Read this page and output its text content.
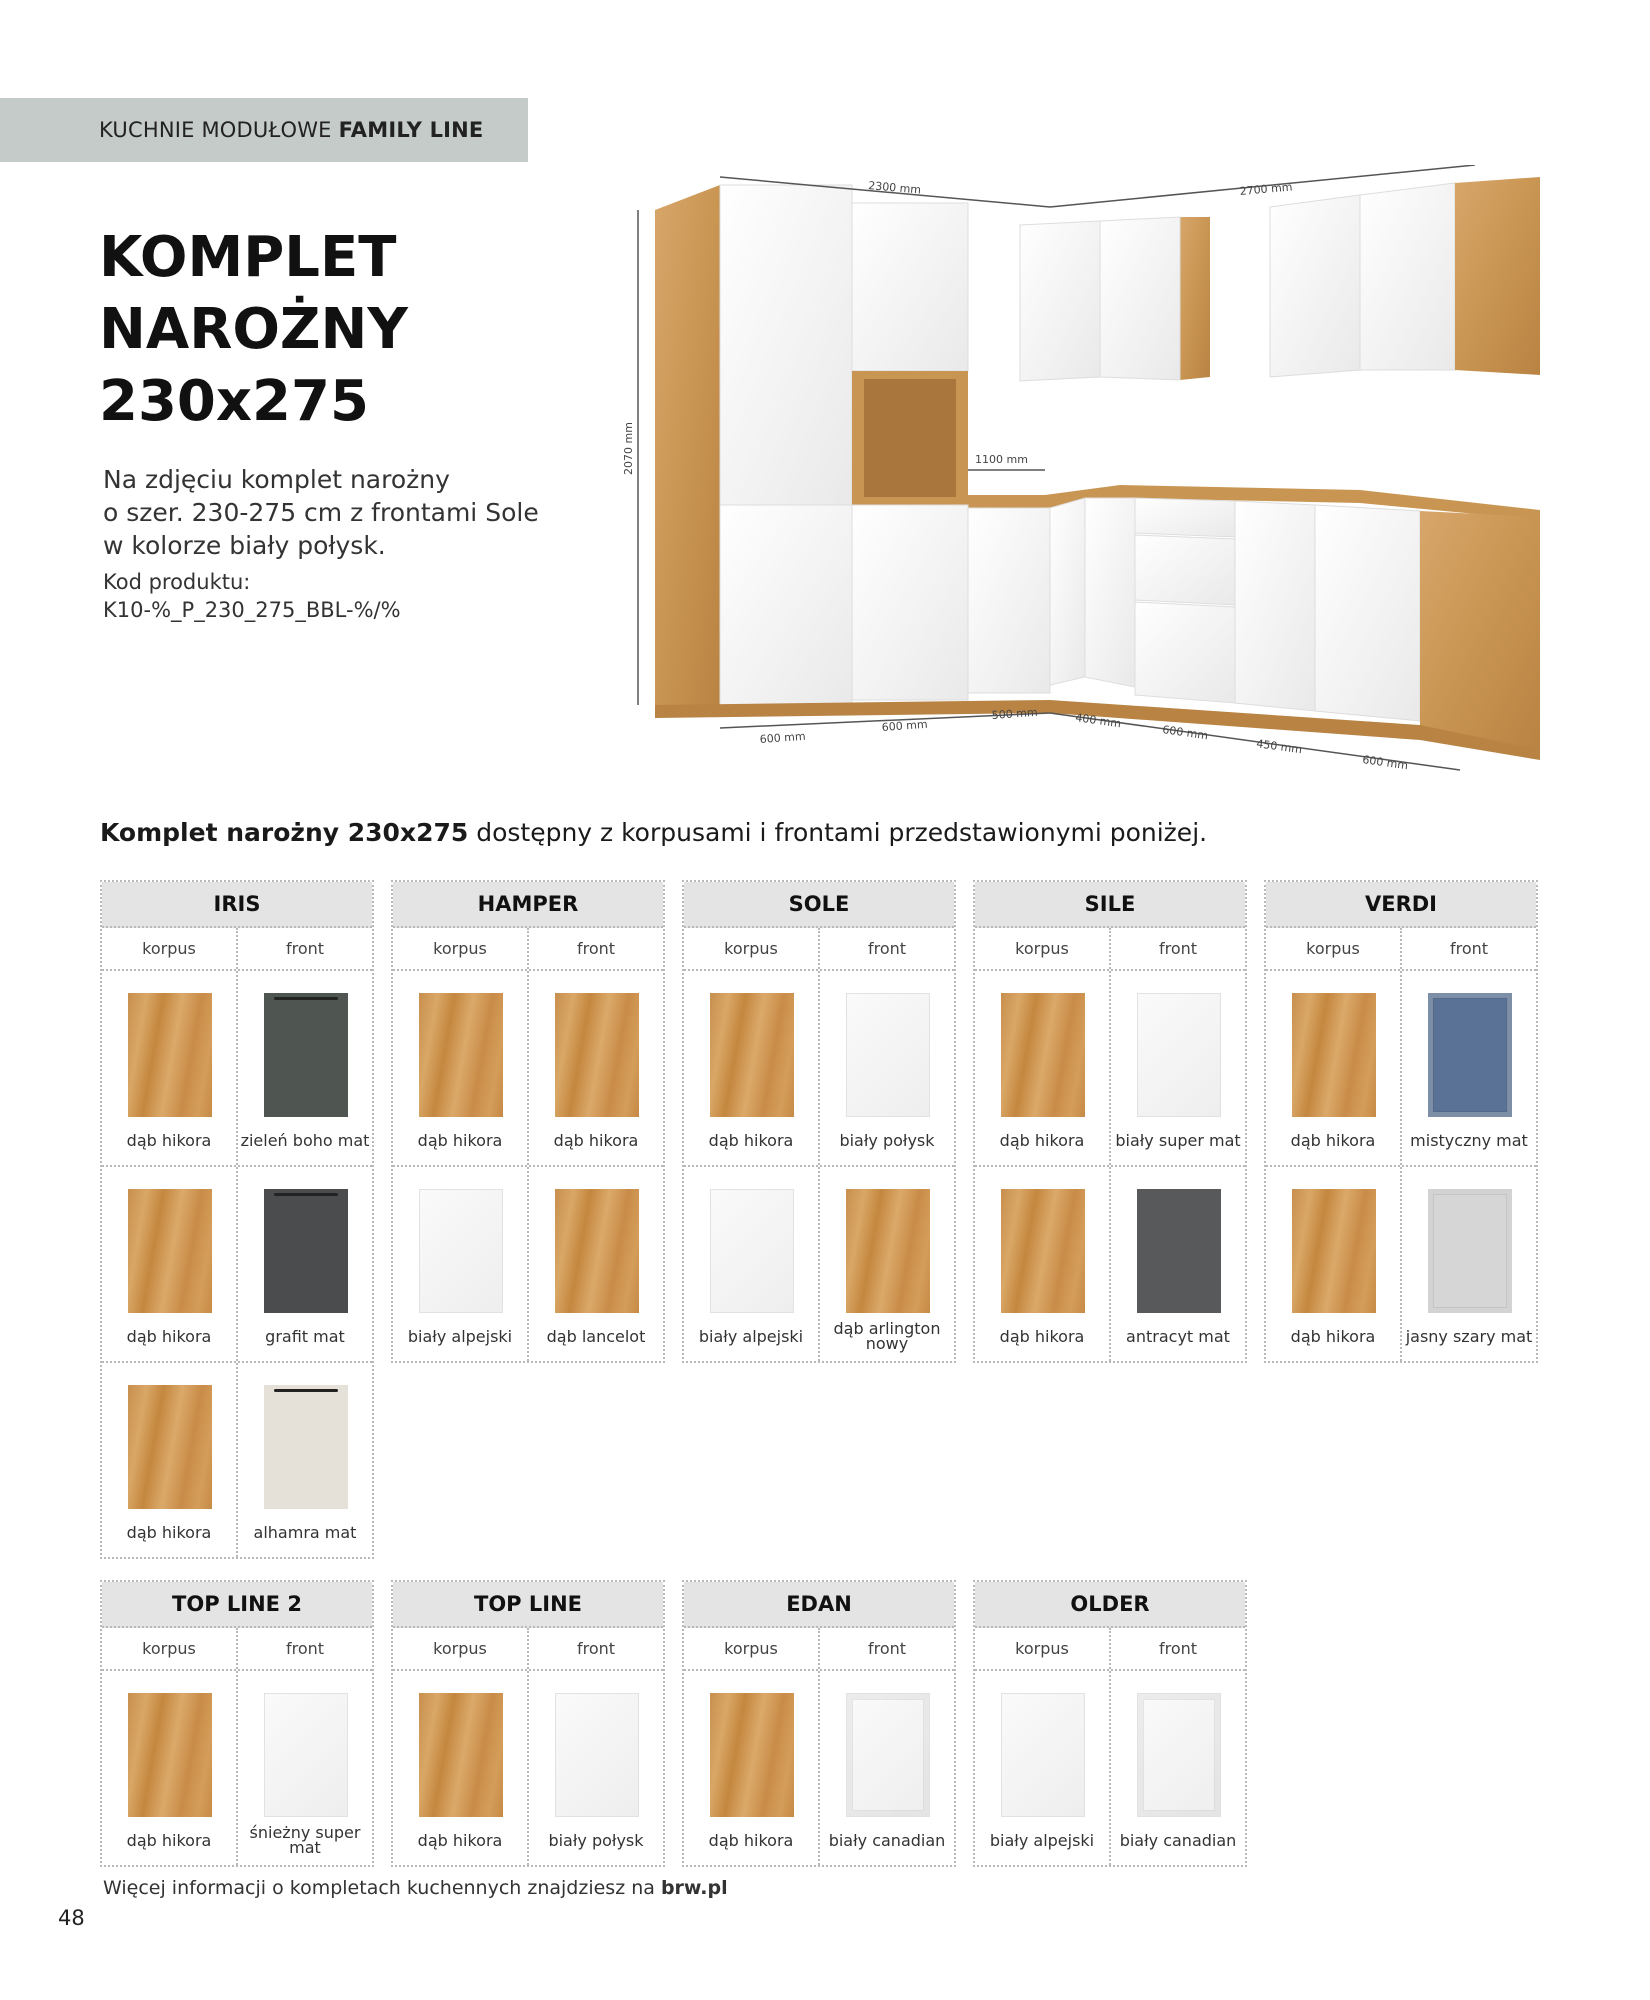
KUCHNIE MODUŁOWE FAMILY LINE
KOMPLET
NAROŻNY
230x275
Na zdjęciu komplet narożny
o szer. 230-275 cm z frontami Sole
w kolorze biały połysk.
Kod produktu:
K10-%_P_230_275_BBL-%/%
2300 mm	2700 mm
2070 mm	1100 mm
600 mm
600 mm
500 mm	400 mm
600 mm
450 mm
600 mm
Komplet narożny 230x275 dostępny z korpusami i frontami przedstawionymi poniżej.
IRIS
korpus	front
dąb hikora	zieleń boho mat
dąb hikora	grafit mat
dąb hikora	alhamra mat
HAMPER
korpus	front
dąb hikora	dąb hikora
biały alpejski	dąb lancelot
SOLE
korpus	front
dąb hikora	biały połysk
biały alpejski	dąb arlington nowy
SILE
korpus	front
dąb hikora	biały super mat
dąb hikora	antracyt mat
VERDI
korpus	front
dąb hikora	mistyczny mat
dąb hikora	jasny szary mat
TOP LINE 2
korpus	front
dąb hikora	śnieżny super mat
TOP LINE
korpus	front
dąb hikora	biały połysk
EDAN
korpus	front
dąb hikora	biały canadian
OLDER
korpus	front
biały alpejski	biały canadian
Więcej informacji o kompletach kuchennych znajdziesz na brw.pl
48
